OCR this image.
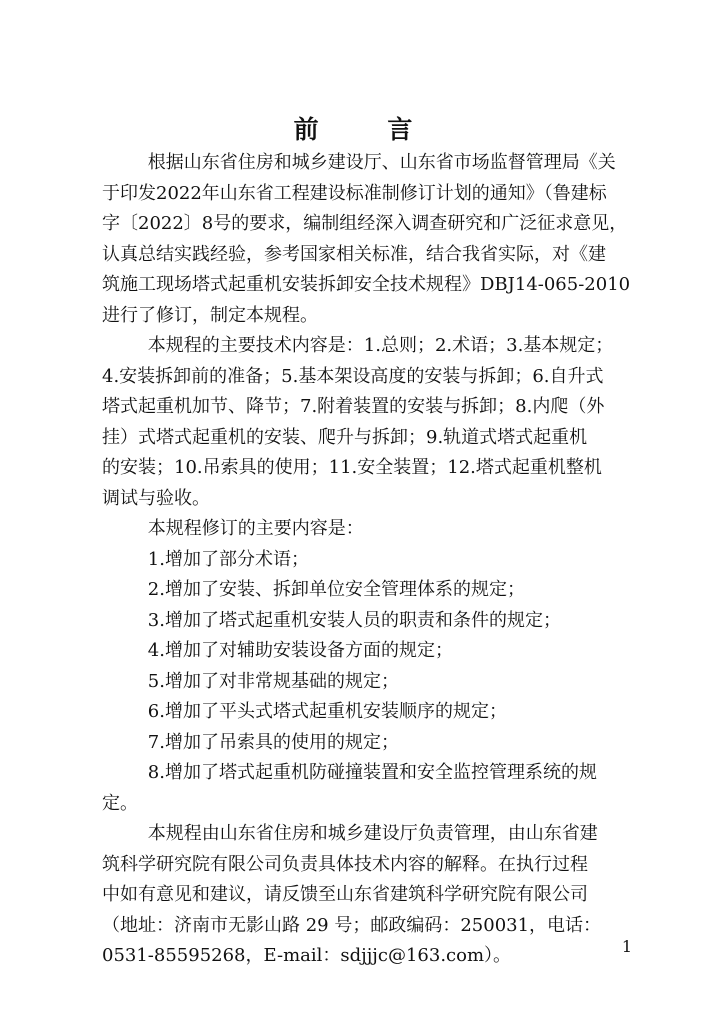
前 言

根据山东省住房和城乡建设厅、山东省市场监督管理局《关

于印发2022年山东省工程建设标准制修订计划的通知》（鲁建标

字〔2022〕8号的要求，编制组经深入调查研究和广泛征求意见，

认真总结实践经验，参考国家相关标准，结合我省实际，对《建

筑施工现场塔式起重机安装拆卸安全技术规程》DBJ14-065-2010

进行了修订，制定本规程。

本规程的主要技术内容是：1.总则；2.术语；3.基本规定；

4.安装拆卸前的准备；5.基本架设高度的安装与拆卸；6.自升式

塔式起重机加节、降节；7.附着装置的安装与拆卸；8.内爬（外

挂）式塔式起重机的安装、爬升与拆卸；9.轨道式塔式起重机

的安装；10.吊索具的使用；11.安全装置；12.塔式起重机整机

调试与验收。

本规程修订的主要内容是：

1.增加了部分术语；

2.增加了安装、拆卸单位安全管理体系的规定；

3.增加了塔式起重机安装人员的职责和条件的规定；

4.增加了对辅助安装设备方面的规定；

5.增加了对非常规基础的规定；

6.增加了平头式塔式起重机安装顺序的规定；

7.增加了吊索具的使用的规定；

8.增加了塔式起重机防碰撞装置和安全监控管理系统的规

定。

本规程由山东省住房和城乡建设厅负责管理，由山东省建

筑科学研究院有限公司负责具体技术内容的解释。在执行过程

中如有意见和建议，请反馈至山东省建筑科学研究院有限公司

（地址：济南市无影山路 29 号；邮政编码：250031，电话：

0531-85595268，E-mail：sdjjjc@163.com）。	1
